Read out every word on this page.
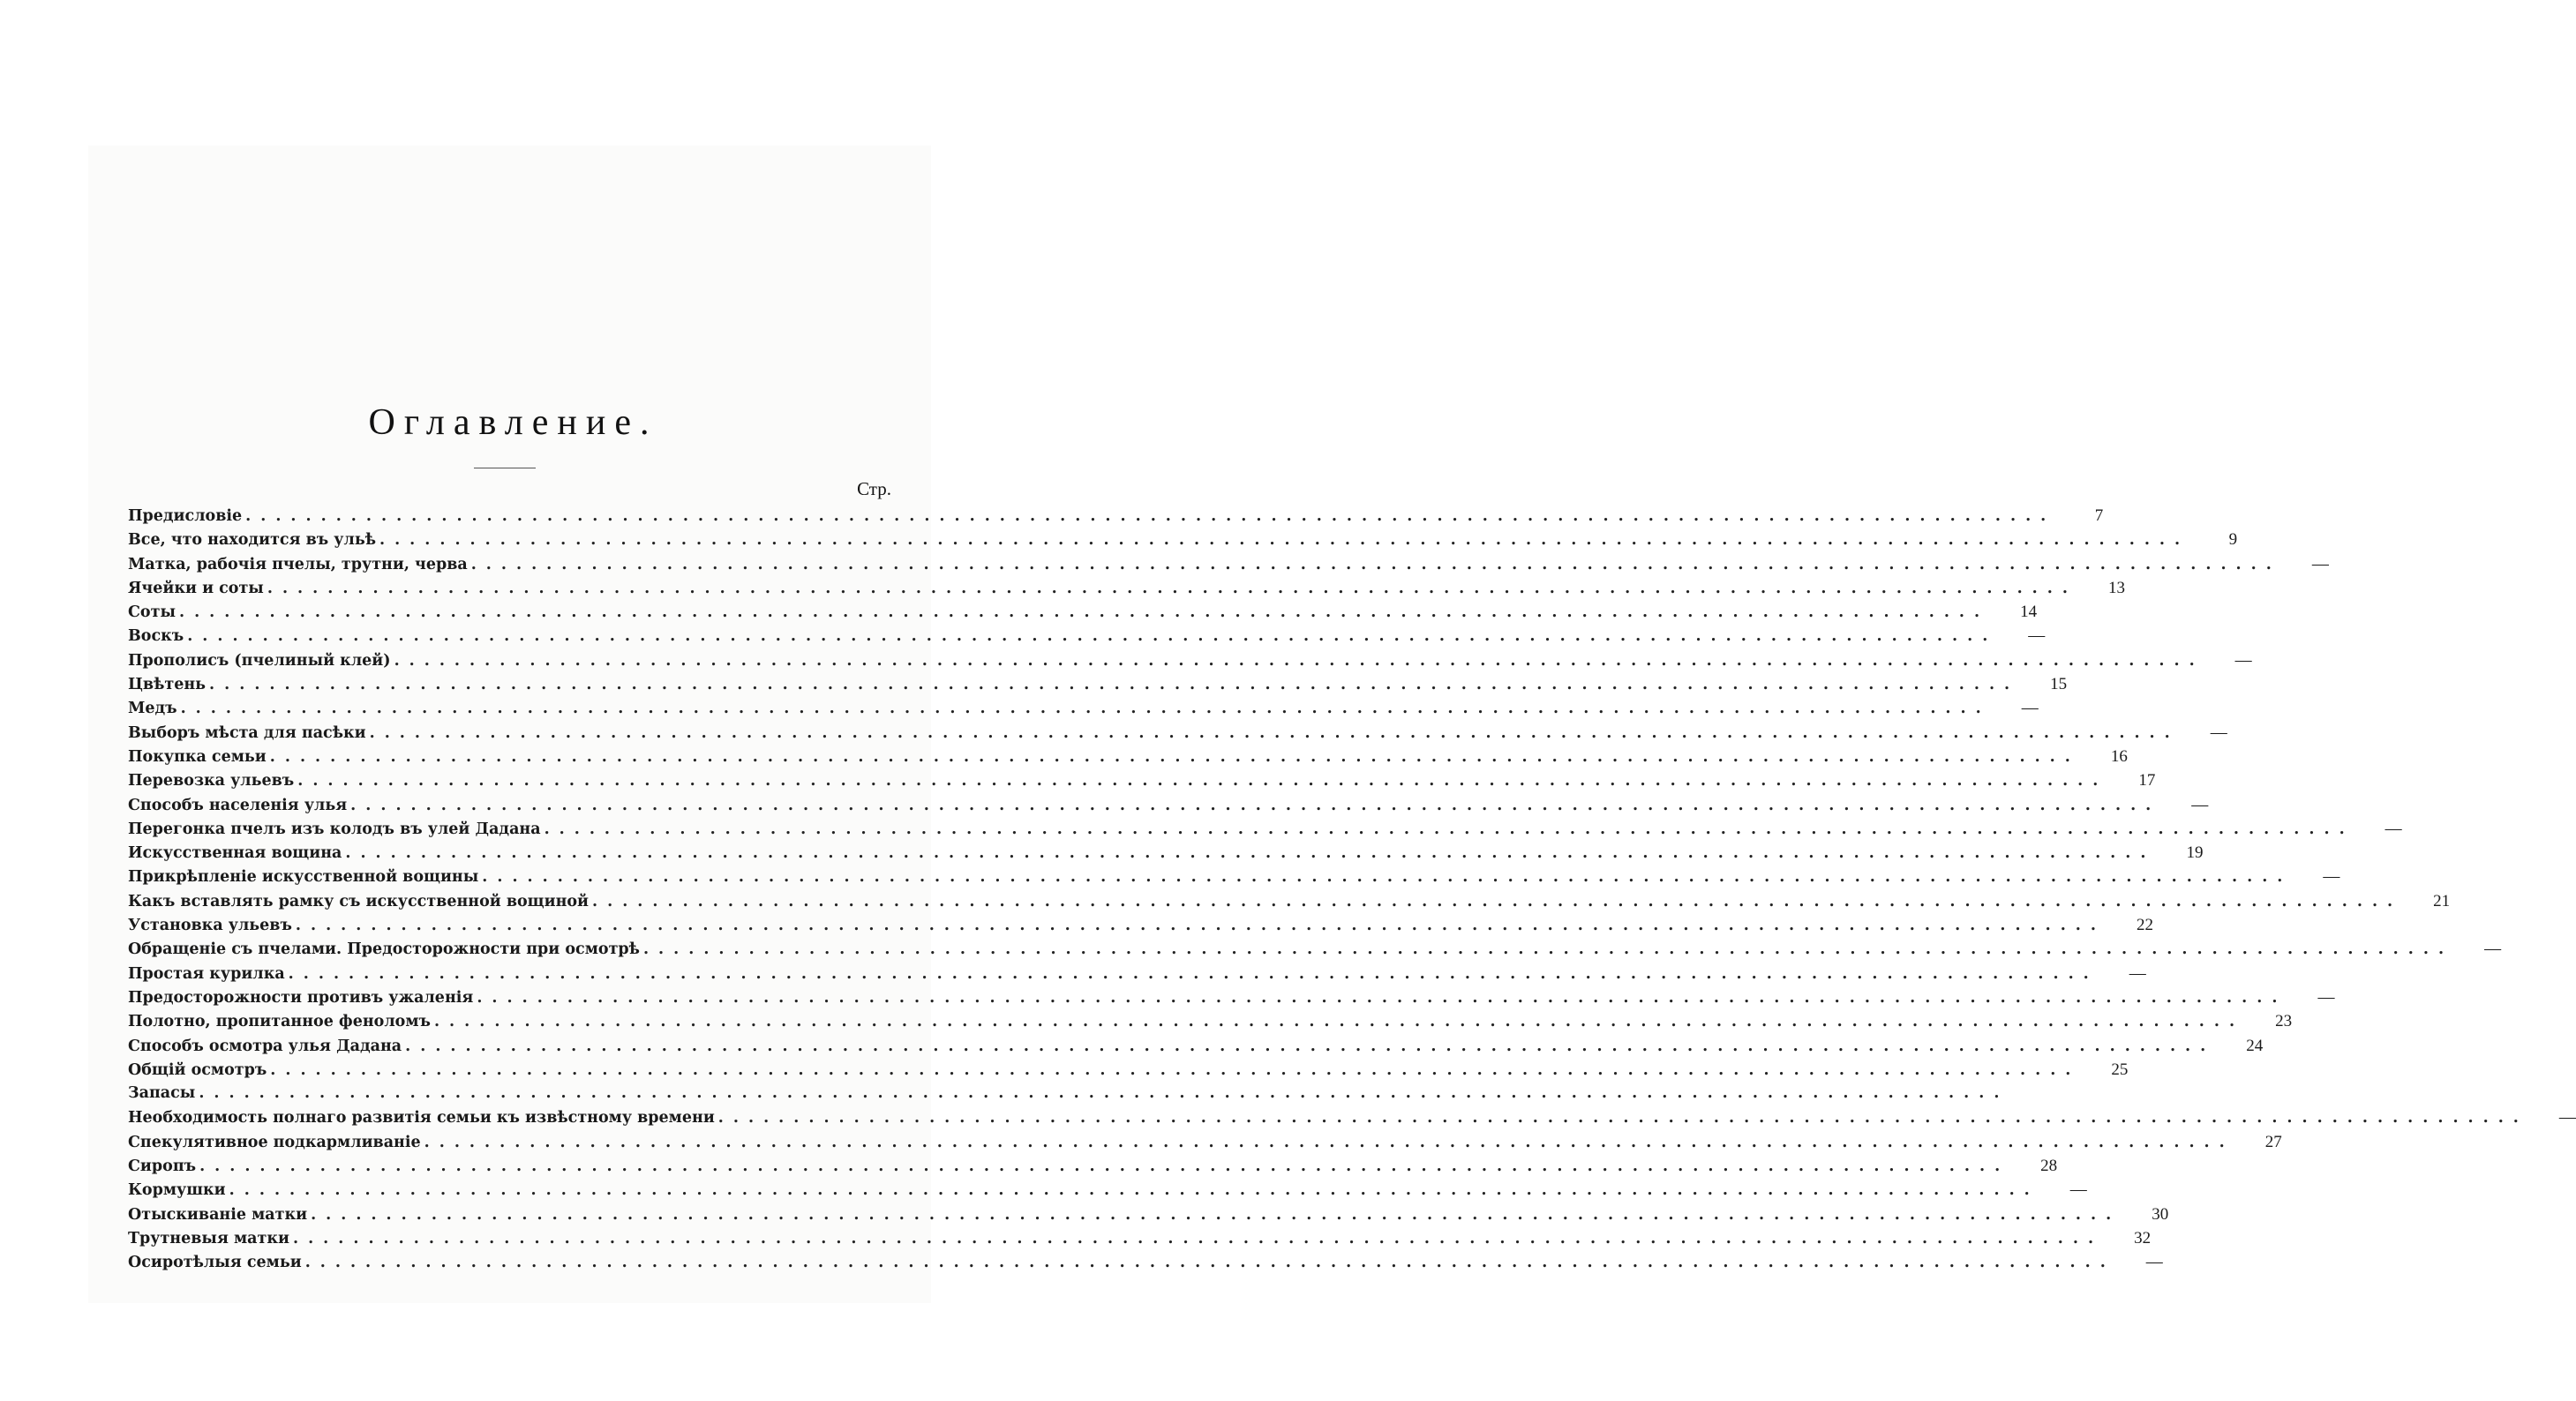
Оглавление.
Стр.
Предисловіе ........................................................................................................................	7
Все, что находится въ ульѣ ........................................................................................................................	9
Матка, рабочія пчелы, трутни, черва ........................................................................................................................	—
Ячейки и соты ........................................................................................................................	13
Соты ........................................................................................................................	14
Воскъ ........................................................................................................................	—
Прополисъ (пчелиный клей) ........................................................................................................................	—
Цвѣтень ........................................................................................................................	15
Медъ ........................................................................................................................	—
Выборъ мѣста для пасѣки ........................................................................................................................	—
Покупка семьи ........................................................................................................................	16
Перевозка ульевъ ........................................................................................................................	17
Способъ населенія улья ........................................................................................................................	—
Перегонка пчелъ изъ колодъ въ улей Дадана ........................................................................................................................	—
Искусственная вощина ........................................................................................................................	19
Прикрѣпленіе искусственной вощины ........................................................................................................................	—
Какъ вставлять рамку съ искусственной вощиной ........................................................................................................................	21
Установка ульевъ ........................................................................................................................	22
Обращеніе съ пчелами. Предосторожности при осмотрѣ ........................................................................................................................	—
Простая курилка ........................................................................................................................	—
Предосторожности противъ ужаленія ........................................................................................................................	—
Полотно, пропитанное феноломъ ........................................................................................................................	23
Способъ осмотра улья Дадана ........................................................................................................................	24
Общій осмотръ ........................................................................................................................	25
Запасы ........................................................................................................................
Необходимость полнаго развитія семьи къ извѣстному времени ........................................................................................................................	—
Спекулятивное подкармливаніе ........................................................................................................................	27
Сиропъ ........................................................................................................................	28
Кормушки ........................................................................................................................	—
Отыскиваніе матки ........................................................................................................................	30
Трутневыя матки ........................................................................................................................	32
Осиротѣлыя семьи ........................................................................................................................	—
